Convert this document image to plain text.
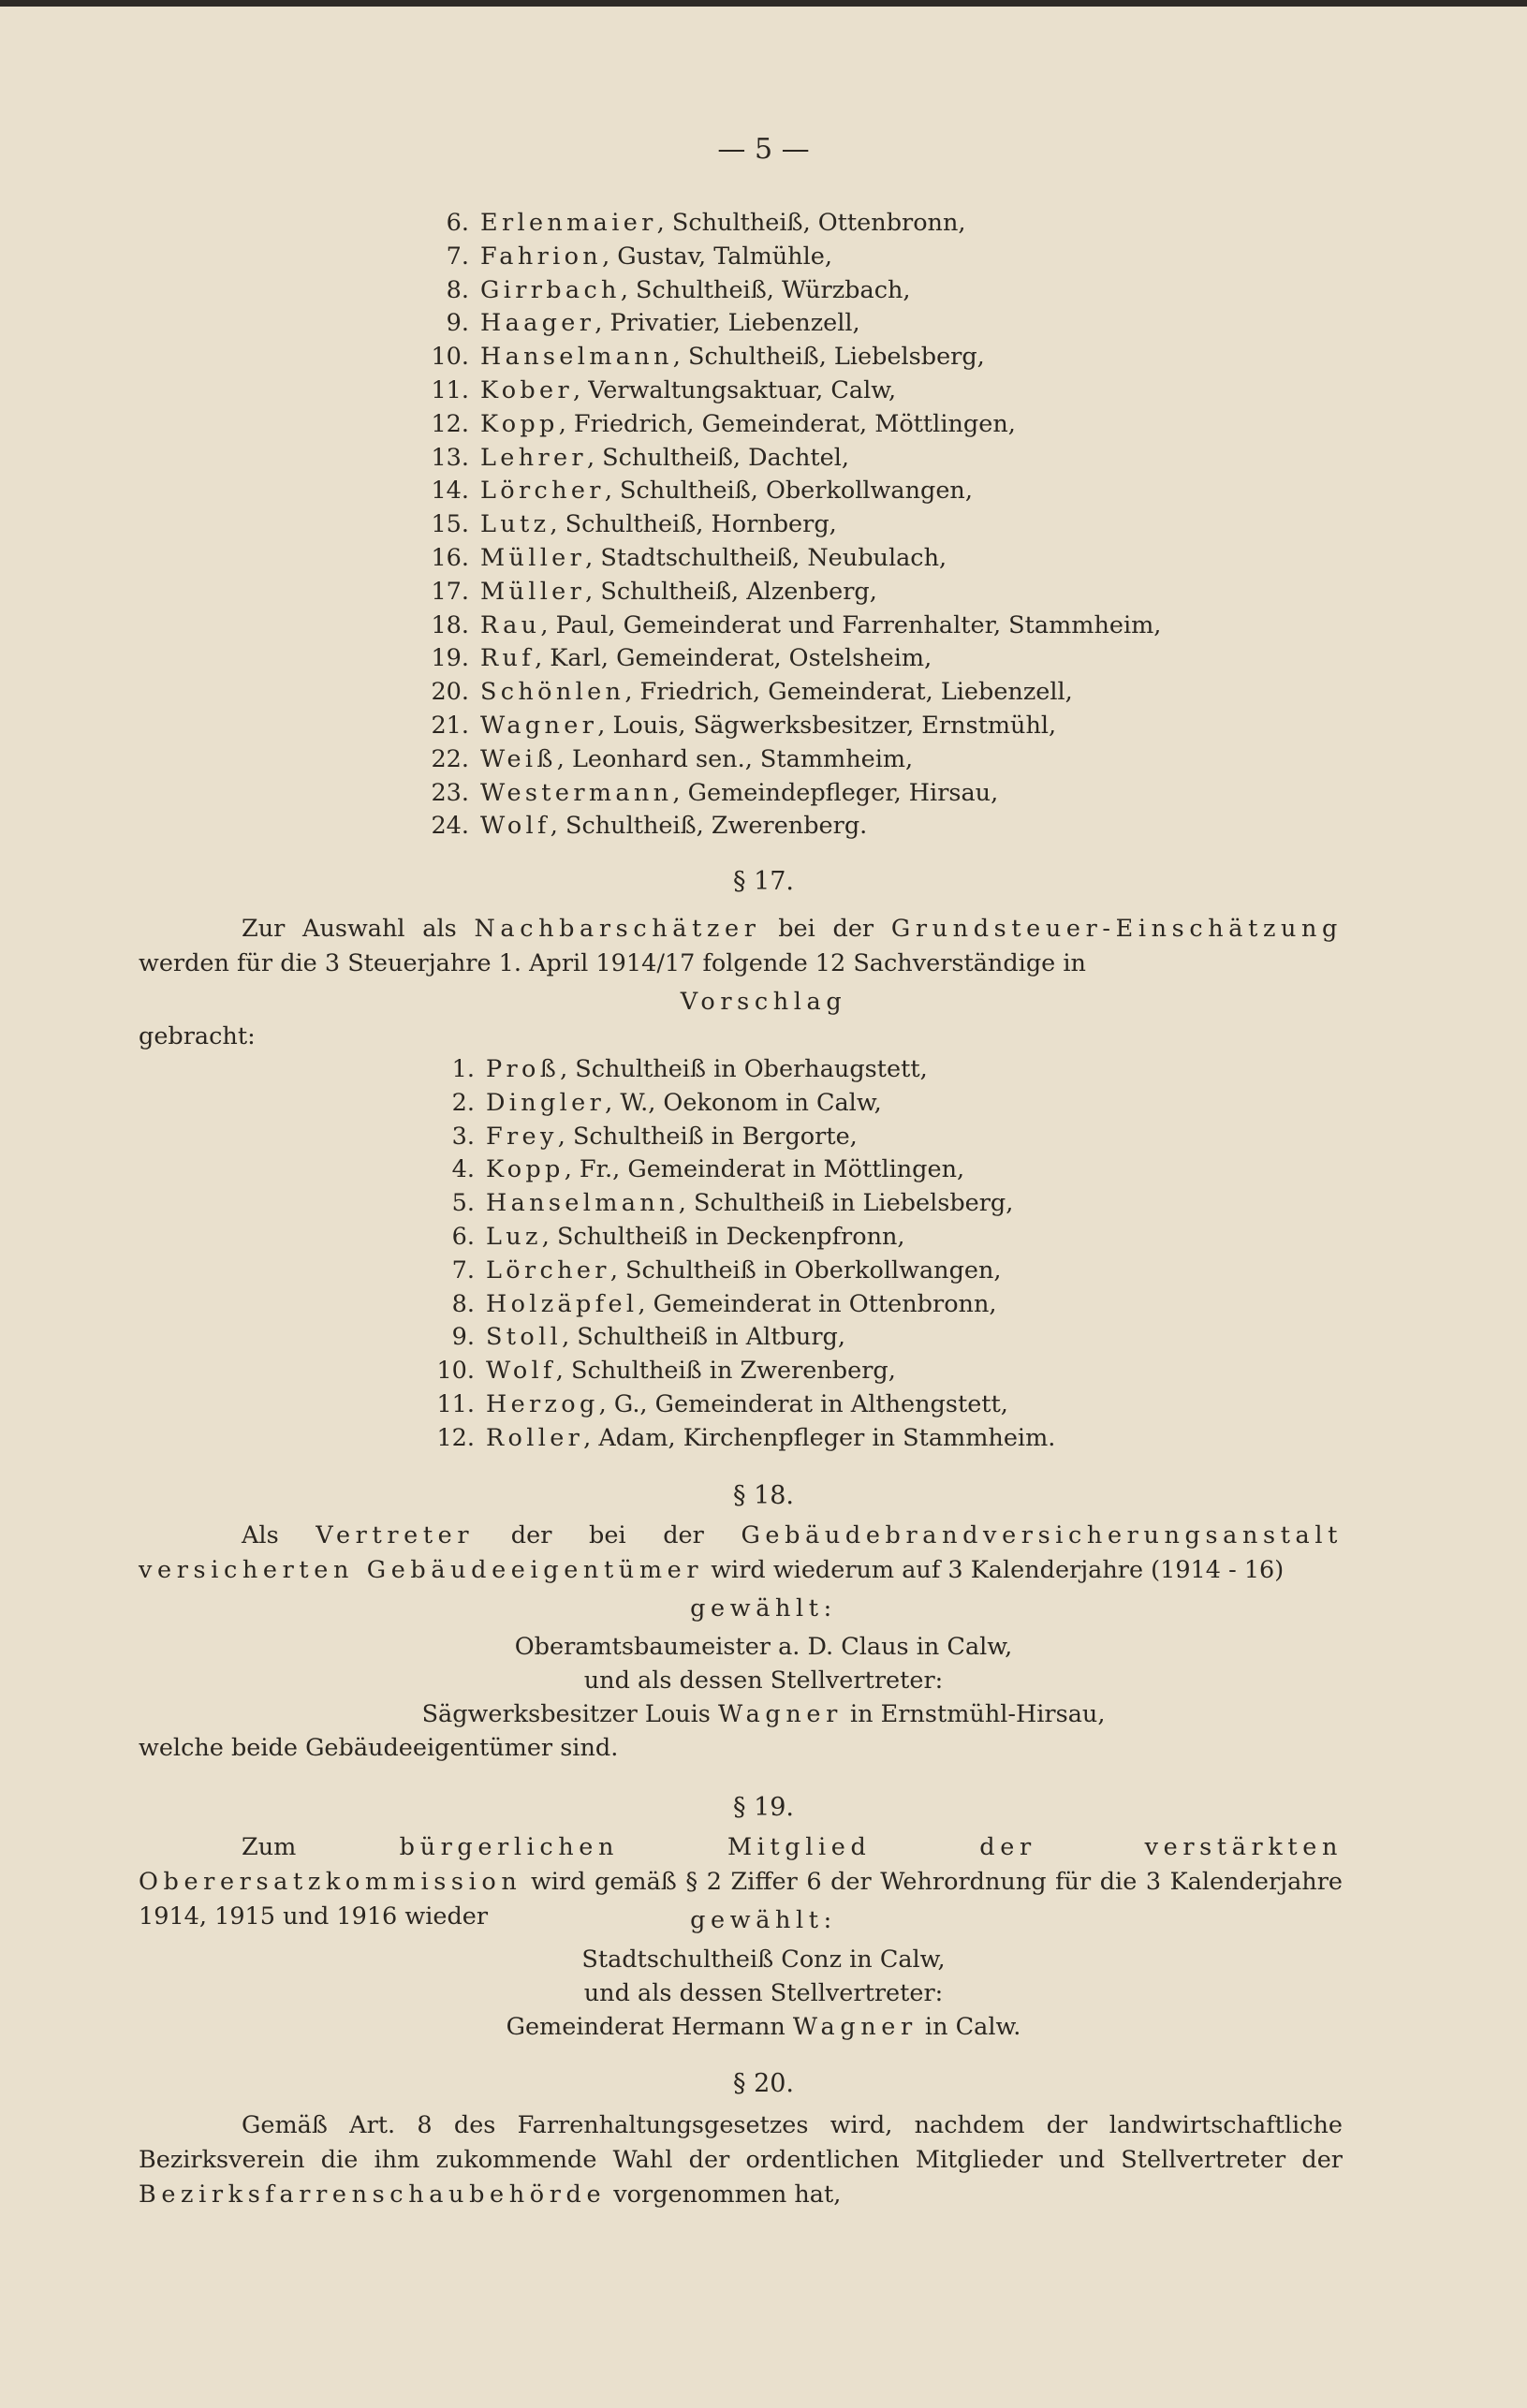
— 5 —
6. Erlenmaier, Schultheiß, Ottenbronn,
7. Fahrion, Gustav, Talmühle,
8. Girrbach, Schultheiß, Würzbach,
9. Haager, Privatier, Liebenzell,
10. Hanselmann, Schultheiß, Liebelsberg,
11. Kober, Verwaltungsaktuar, Calw,
12. Kopp, Friedrich, Gemeinderat, Möttlingen,
13. Lehrer, Schultheiß, Dachtel,
14. Lörcher, Schultheiß, Oberkollwangen,
15. Lutz, Schultheiß, Hornberg,
16. Müller, Stadtschultheiß, Neubulach,
17. Müller, Schultheiß, Alzenberg,
18. Rau, Paul, Gemeinderat und Farrenhalter, Stammheim,
19. Ruf, Karl, Gemeinderat, Ostelsheim,
20. Schönlen, Friedrich, Gemeinderat, Liebenzell,
21. Wagner, Louis, Sägwerksbesitzer, Ernstmühl,
22. Weiß, Leonhard sen., Stammheim,
23. Westermann, Gemeindepfleger, Hirsau,
24. Wolf, Schultheiß, Zwerenberg.
§ 17.
Zur Auswahl als Nachbarschätzer bei der Grundsteuer-Einschätzung werden für die 3 Steuerjahre 1. April 1914/17 folgende 12 Sachverständige in
Vorschlag
gebracht:
1. Proß, Schultheiß in Oberhaugstett,
2. Dingler, W., Oekonom in Calw,
3. Frey, Schultheiß in Bergorte,
4. Kopp, Fr., Gemeinderat in Möttlingen,
5. Hanselmann, Schultheiß in Liebelsberg,
6. Luz, Schultheiß in Deckenpfronn,
7. Lörcher, Schultheiß in Oberkollwangen,
8. Holzäpfel, Gemeinderat in Ottenbronn,
9. Stoll, Schultheiß in Altburg,
10. Wolf, Schultheiß in Zwerenberg,
11. Herzog, G., Gemeinderat in Althengstett,
12. Roller, Adam, Kirchenpfleger in Stammheim.
§ 18.
Als Vertreter der bei der Gebäudebrandversicherungsanstalt versicherten Gebäudeeigentümer wird wiederum auf 3 Kalenderjahre (1914 - 16)
gewählt:
Oberamtsbaumeister a. D. Claus in Calw,
und als dessen Stellvertreter:
Sägwerksbesitzer Louis Wagner in Ernstmühl-Hirsau,
welche beide Gebäudeeigentümer sind.
§ 19.
Zum bürgerlichen Mitglied der verstärkten Oberersatzkommission wird gemäß § 2 Ziffer 6 der Wehrordnung für die 3 Kalenderjahre 1914, 1915 und 1916 wieder	gewählt:
Stadtschultheiß Conz in Calw,
und als dessen Stellvertreter:
Gemeinderat Hermann Wagner in Calw.
§ 20.
Gemäß Art. 8 des Farrenhaltungsgesetzes wird, nachdem der landwirtschaftliche Bezirksverein die ihm zukommende Wahl der ordentlichen Mitglieder und Stellvertreter der Bezirksfarrenschaubehörde vorgenommen hat,
